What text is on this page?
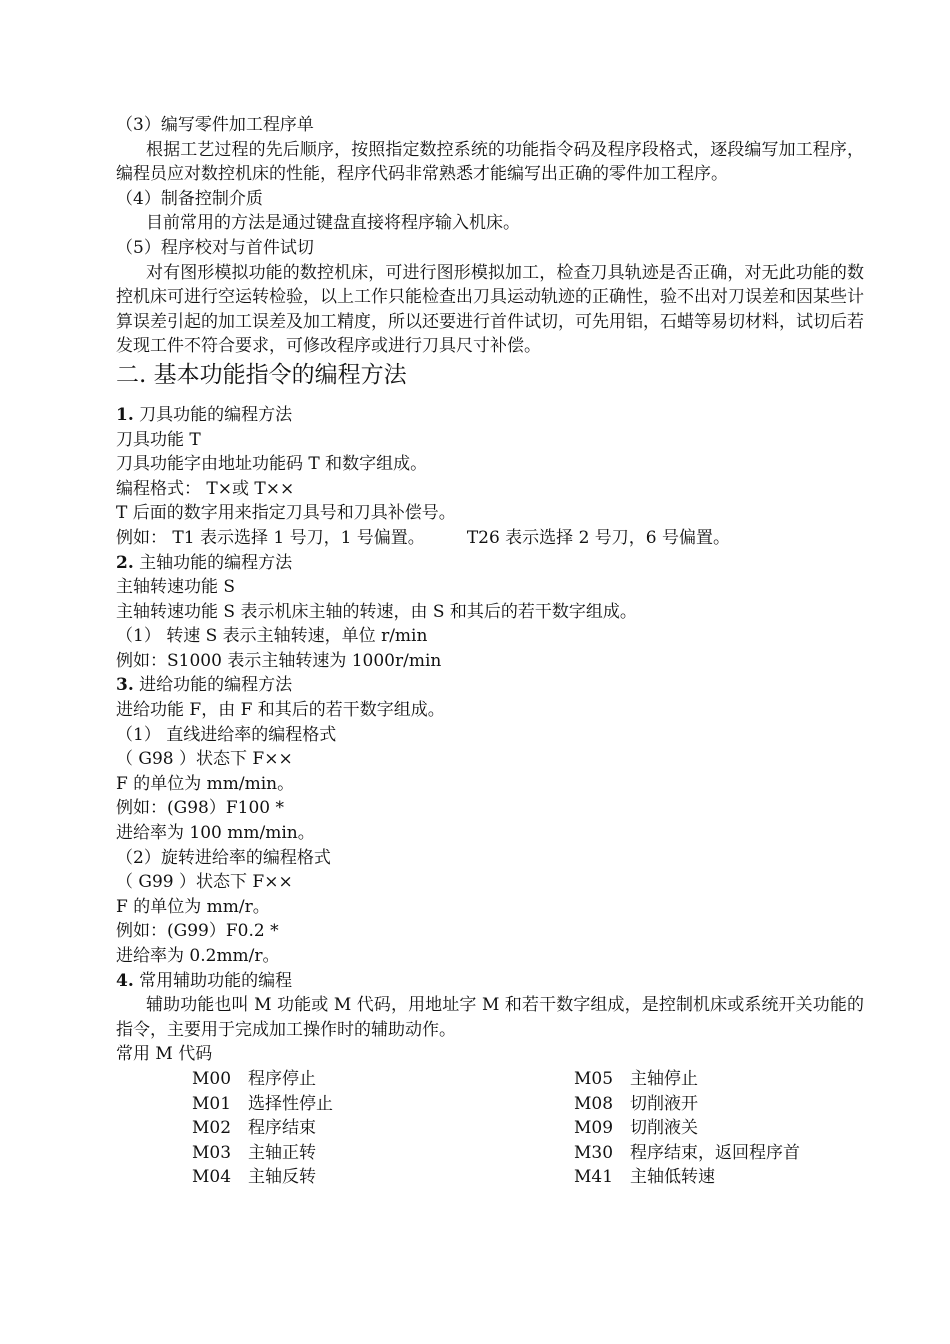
（3）编写零件加工程序单
根据工艺过程的先后顺序，按照指定数控系统的功能指令码及程序段格式，逐段编写加工程序，编程员应对数控机床的性能，程序代码非常熟悉才能编写出正确的零件加工程序。
（4）制备控制介质
目前常用的方法是通过键盘直接将程序输入机床。
（5）程序校对与首件试切
对有图形模拟功能的数控机床，可进行图形模拟加工，检查刀具轨迹是否正确，对无此功能的数控机床可进行空运转检验，以上工作只能检查出刀具运动轨迹的正确性，验不出对刀误差和因某些计算误差引起的加工误差及加工精度，所以还要进行首件试切，可先用铝，石蜡等易切材料，试切后若发现工件不符合要求，可修改程序或进行刀具尺寸补偿。
二. 基本功能指令的编程方法
1. 刀具功能的编程方法
刀具功能 T
刀具功能字由地址功能码 T 和数字组成。
编程格式： T×或 T××
T 后面的数字用来指定刀具号和刀具补偿号。
例如： T1 表示选择 1 号刀，1 号偏置。 T26 表示选择 2 号刀，6 号偏置。
2. 主轴功能的编程方法
主轴转速功能 S
主轴转速功能 S 表示机床主轴的转速，由 S 和其后的若干数字组成。
（1） 转速 S 表示主轴转速，单位 r/min
例如：S1000 表示主轴转速为 1000r/min
3. 进给功能的编程方法
进给功能 F，由 F 和其后的若干数字组成。
（1） 直线进给率的编程格式
（ G98 ）状态下 F××
F 的单位为 mm/min。
例如：(G98）F100 *
进给率为 100 mm/min。
（2）旋转进给率的编程格式
（ G99 ）状态下 F××
F 的单位为 mm/r。
例如：(G99）F0.2 *
进给率为 0.2mm/r。
4. 常用辅助功能的编程
辅助功能也叫 M 功能或 M 代码，用地址字 M 和若干数字组成，是控制机床或系统开关功能的指令，主要用于完成加工操作时的辅助动作。
常用 M 代码
M00 程序停止	M05 主轴停止
M01 选择性停止	M08 切削液开
M02 程序结束	M09 切削液关
M03 主轴正转	M30 程序结束，返回程序首
M04 主轴反转	M41 主轴低转速
